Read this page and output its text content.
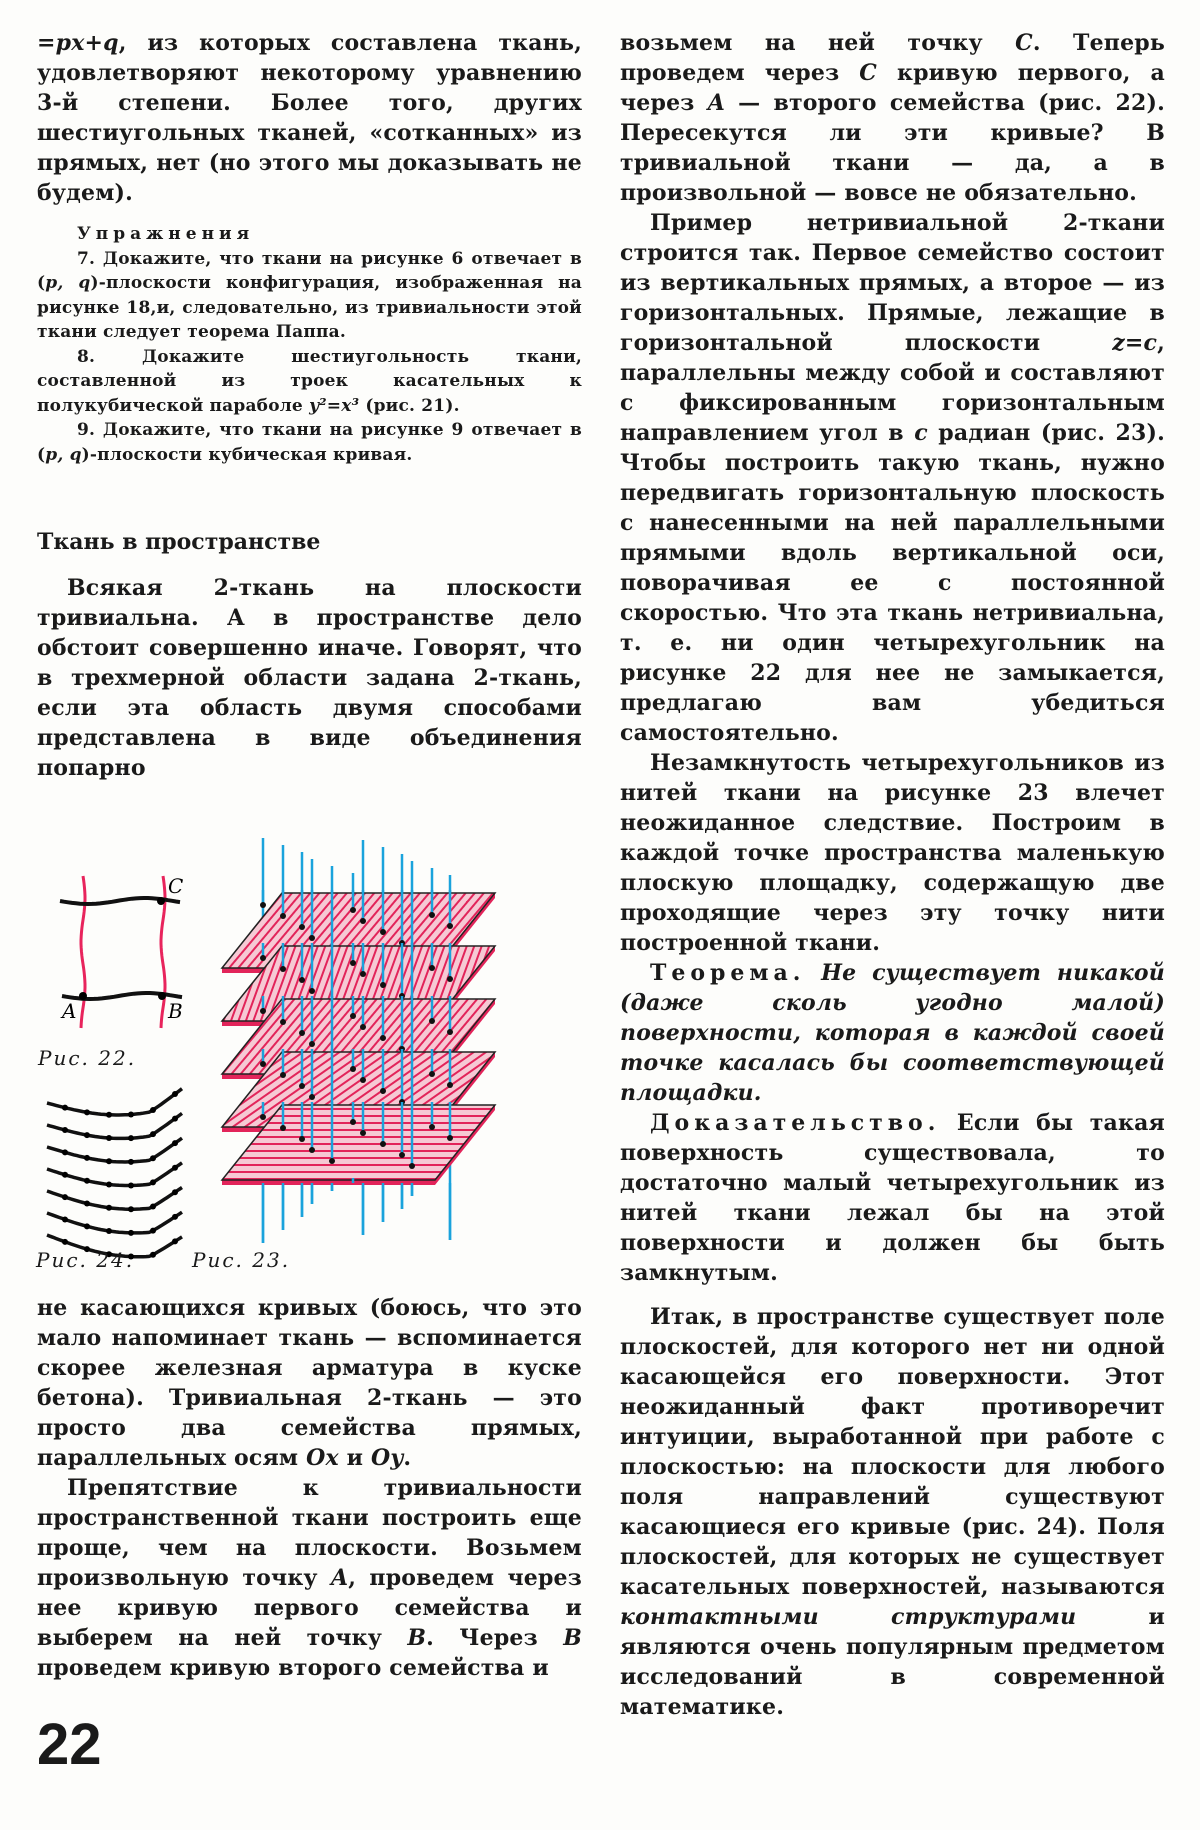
=px+q, из которых составлена ткань, удовлетворяют некоторому уравнению 3-й степени. Более того, других шестиугольных тканей, «сотканных» из прямых, нет (но этого мы доказывать не будем).
Упражнения
7. Докажите, что ткани на рисунке 6 отвечает в (p, q)-плоскости конфигурация, изображенная на рисунке 18,и, следовательно, из тривиальности этой ткани следует теорема Паппа.
8. Докажите шестиугольность ткани, составленной из троек касательных к полукубической параболе y²=x³ (рис. 21).
9. Докажите, что ткани на рисунке 9 отвечает в (p, q)-плоскости кубическая кривая.
Ткань в пространстве
Всякая 2-ткань на плоскости тривиальна. А в пространстве дело обстоит совершенно иначе. Говорят, что в трехмерной области задана 2-ткань, если эта область двумя способами представлена в виде объединения попарно
A	B
C
Рис. 22.
Рис. 24.	Рис. 23.
не касающихся кривых (боюсь, что это мало напоминает ткань — вспоминается скорее железная арматура в куске бетона). Тривиальная 2-ткань — это просто два семейства прямых, параллельных осям Ox и Oy.
Препятствие к тривиальности пространственной ткани построить еще проще, чем на плоскости. Возьмем произвольную точку A, проведем через нее кривую первого семейства и выберем на ней точку B. Через B проведем кривую второго семейства и
22
возьмем на ней точку C. Теперь проведем через C кривую первого, а через A — второго семейства (рис. 22). Пересекутся ли эти кривые? В тривиальной ткани — да, а в произвольной — вовсе не обязательно.
Пример нетривиальной 2-ткани строится так. Первое семейство состоит из вертикальных прямых, а второе — из горизонтальных. Прямые, лежащие в горизонтальной плоскости z=c, параллельны между собой и составляют с фиксированным горизонтальным направлением угол в c радиан (рис. 23). Чтобы построить такую ткань, нужно передвигать горизонтальную плоскость с нанесенными на ней параллельными прямыми вдоль вертикальной оси, поворачивая ее с постоянной скоростью. Что эта ткань нетривиальна, т. е. ни один четырехугольник на рисунке 22 для нее не замыкается, предлагаю вам убедиться самостоятельно.
Незамкнутость четырехугольников из нитей ткани на рисунке 23 влечет неожиданное следствие. Построим в каждой точке пространства маленькую плоскую площадку, содержащую две проходящие через эту точку нити построенной ткани.
Теорема. Не существует никакой (даже сколь угодно малой) поверхности, которая в каждой своей точке касалась бы соответствующей площадки.
Доказательство. Если бы такая поверхность существовала, то достаточно малый четырехугольник из нитей ткани лежал бы на этой поверхности и должен бы быть замкнутым.
Итак, в пространстве существует поле плоскостей, для которого нет ни одной касающейся его поверхности. Этот неожиданный факт противоречит интуиции, выработанной при работе с плоскостью: на плоскости для любого поля направлений существуют касающиеся его кривые (рис. 24). Поля плоскостей, для которых не существует касательных поверхностей, называются контактными структурами и являются очень популярным предметом исследований в современной математике.
